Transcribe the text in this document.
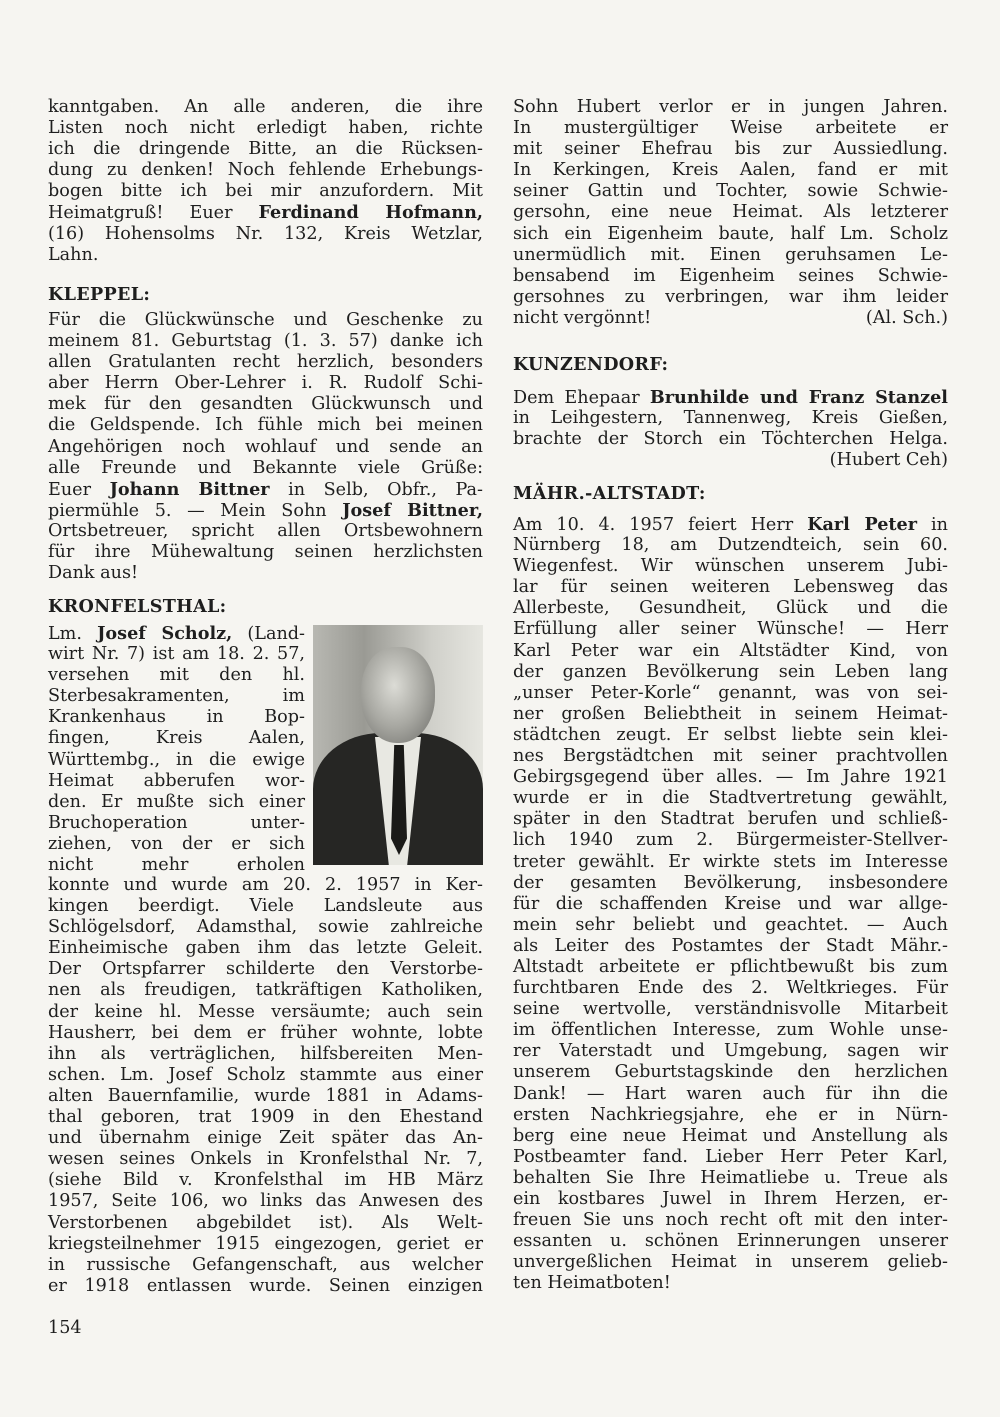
kanntgaben. An alle anderen, die ihre
Listen noch nicht erledigt haben, richte
ich die dringende Bitte, an die Rücksen-
dung zu denken! Noch fehlende Erhebungs-
bogen bitte ich bei mir anzufordern. Mit
Heimatgruß! Euer Ferdinand Hofmann,
(16) Hohensolms Nr. 132, Kreis Wetzlar,
Lahn.
KLEPPEL:
Für die Glückwünsche und Geschenke zu
meinem 81. Geburtstag (1. 3. 57) danke ich
allen Gratulanten recht herzlich, besonders
aber Herrn Ober-Lehrer i. R. Rudolf Schi-
mek für den gesandten Glückwunsch und
die Geldspende. Ich fühle mich bei meinen
Angehörigen noch wohlauf und sende an
alle Freunde und Bekannte viele Grüße:
Euer Johann Bittner in Selb, Obfr., Pa-
piermühle 5. — Mein Sohn Josef Bittner,
Ortsbetreuer, spricht allen Ortsbewohnern
für ihre Mühewaltung seinen herzlichsten
Dank aus!
KRONFELSTHAL:
Lm. Josef Scholz, (Land-
wirt Nr. 7) ist am 18. 2. 57,
versehen mit den hl.
Sterbesakramenten, im
Krankenhaus in Bop-
fingen, Kreis Aalen,
Württembg., in die ewige
Heimat abberufen wor-
den. Er mußte sich einer
Bruchoperation unter-
ziehen, von der er sich
nicht mehr erholen
konnte und wurde am 20. 2. 1957 in Ker-
kingen beerdigt. Viele Landsleute aus
Schlögelsdorf, Adamsthal, sowie zahlreiche
Einheimische gaben ihm das letzte Geleit.
Der Ortspfarrer schilderte den Verstorbe-
nen als freudigen, tatkräftigen Katholiken,
der keine hl. Messe versäumte; auch sein
Hausherr, bei dem er früher wohnte, lobte
ihn als verträglichen, hilfsbereiten Men-
schen. Lm. Josef Scholz stammte aus einer
alten Bauernfamilie, wurde 1881 in Adams-
thal geboren, trat 1909 in den Ehestand
und übernahm einige Zeit später das An-
wesen seines Onkels in Kronfelsthal Nr. 7,
(siehe Bild v. Kronfelsthal im HB März
1957, Seite 106, wo links das Anwesen des
Verstorbenen abgebildet ist). Als Welt-
kriegsteilnehmer 1915 eingezogen, geriet er
in russische Gefangenschaft, aus welcher
er 1918 entlassen wurde. Seinen einzigen
Sohn Hubert verlor er in jungen Jahren.
In mustergültiger Weise arbeitete er
mit seiner Ehefrau bis zur Aussiedlung.
In Kerkingen, Kreis Aalen, fand er mit
seiner Gattin und Tochter, sowie Schwie-
gersohn, eine neue Heimat. Als letzterer
sich ein Eigenheim baute, half Lm. Scholz
unermüdlich mit. Einen geruhsamen Le-
bensabend im Eigenheim seines Schwie-
gersohnes zu verbringen, war ihm leider
nicht vergönnt!	(Al. Sch.)
KUNZENDORF:
Dem Ehepaar Brunhilde und Franz Stanzel
in Leihgestern, Tannenweg, Kreis Gießen,
brachte der Storch ein Töchterchen Helga.
(Hubert Ceh)
MÄHR.-ALTSTADT:
Am 10. 4. 1957 feiert Herr Karl Peter in
Nürnberg 18, am Dutzendteich, sein 60.
Wiegenfest. Wir wünschen unserem Jubi-
lar für seinen weiteren Lebensweg das
Allerbeste, Gesundheit, Glück und die
Erfüllung aller seiner Wünsche! — Herr
Karl Peter war ein Altstädter Kind, von
der ganzen Bevölkerung sein Leben lang
„unser Peter-Korle“ genannt, was von sei-
ner großen Beliebtheit in seinem Heimat-
städtchen zeugt. Er selbst liebte sein klei-
nes Bergstädtchen mit seiner prachtvollen
Gebirgsgegend über alles. — Im Jahre 1921
wurde er in die Stadtvertretung gewählt,
später in den Stadtrat berufen und schließ-
lich 1940 zum 2. Bürgermeister-Stellver-
treter gewählt. Er wirkte stets im Interesse
der gesamten Bevölkerung, insbesondere
für die schaffenden Kreise und war allge-
mein sehr beliebt und geachtet. — Auch
als Leiter des Postamtes der Stadt Mähr.-
Altstadt arbeitete er pflichtbewußt bis zum
furchtbaren Ende des 2. Weltkrieges. Für
seine wertvolle, verständnisvolle Mitarbeit
im öffentlichen Interesse, zum Wohle unse-
rer Vaterstadt und Umgebung, sagen wir
unserem Geburtstagskinde den herzlichen
Dank! — Hart waren auch für ihn die
ersten Nachkriegsjahre, ehe er in Nürn-
berg eine neue Heimat und Anstellung als
Postbeamter fand. Lieber Herr Peter Karl,
behalten Sie Ihre Heimatliebe u. Treue als
ein kostbares Juwel in Ihrem Herzen, er-
freuen Sie uns noch recht oft mit den inter-
essanten u. schönen Erinnerungen unserer
unvergeßlichen Heimat in unserem gelieb-
ten Heimatboten!
154
